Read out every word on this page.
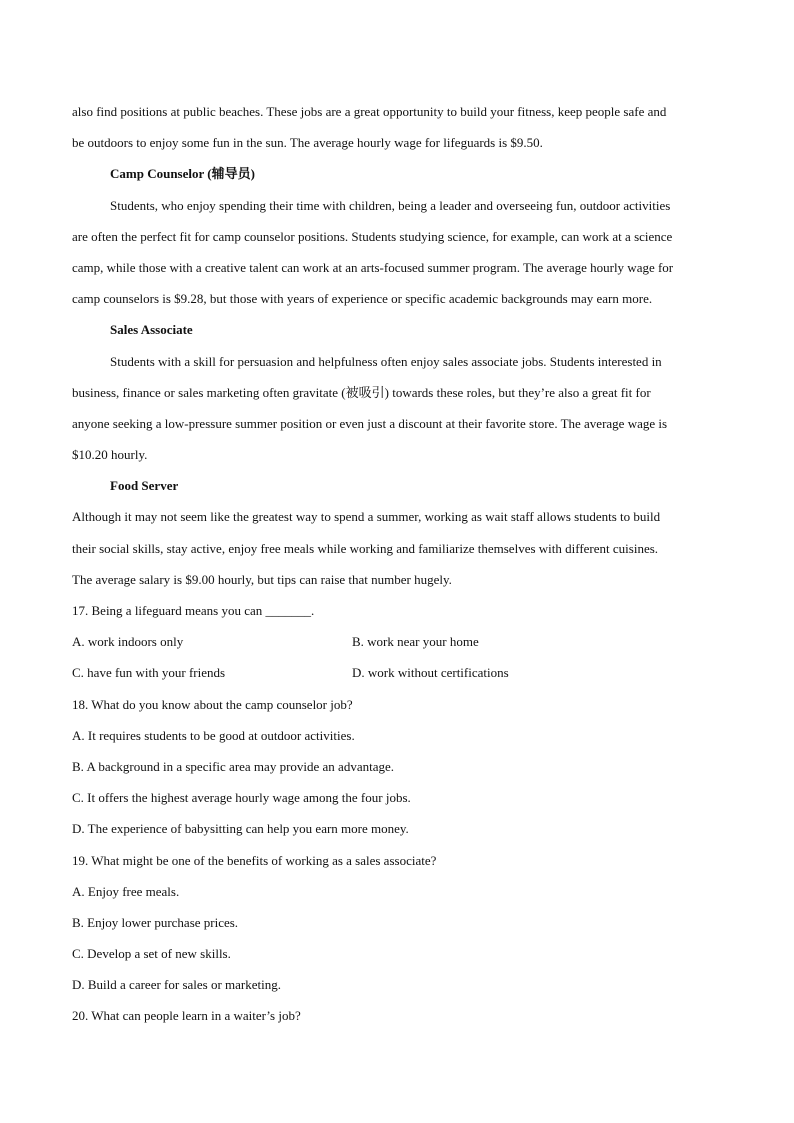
also find positions at public beaches. These jobs are a great opportunity to build your fitness, keep people safe and
be outdoors to enjoy some fun in the sun. The average hourly wage for lifeguards is $9.50.
Camp Counselor (辅导员)
Students, who enjoy spending their time with children, being a leader and overseeing fun, outdoor activities
are often the perfect fit for camp counselor positions. Students studying science, for example, can work at a science
camp, while those with a creative talent can work at an arts-focused summer program. The average hourly wage for
camp counselors is $9.28, but those with years of experience or specific academic backgrounds may earn more.
Sales Associate
Students with a skill for persuasion and helpfulness often enjoy sales associate jobs. Students interested in
business, finance or sales marketing often gravitate (被吸引) towards these roles, but they’re also a great fit for
anyone seeking a low-pressure summer position or even just a discount at their favorite store. The average wage is
$10.20 hourly.
Food Server
Although it may not seem like the greatest way to spend a summer, working as wait staff allows students to build
their social skills, stay active, enjoy free meals while working and familiarize themselves with different cuisines.
The average salary is $9.00 hourly, but tips can raise that number hugely.
17. Being a lifeguard means you can _______.
A. work indoors only	B. work near your home
C. have fun with your friends	D. work without certifications
18. What do you know about the camp counselor job?
A. It requires students to be good at outdoor activities.
B. A background in a specific area may provide an advantage.
C. It offers the highest average hourly wage among the four jobs.
D. The experience of babysitting can help you earn more money.
19. What might be one of the benefits of working as a sales associate?
A. Enjoy free meals.
B. Enjoy lower purchase prices.
C. Develop a set of new skills.
D. Build a career for sales or marketing.
20. What can people learn in a waiter’s job?
